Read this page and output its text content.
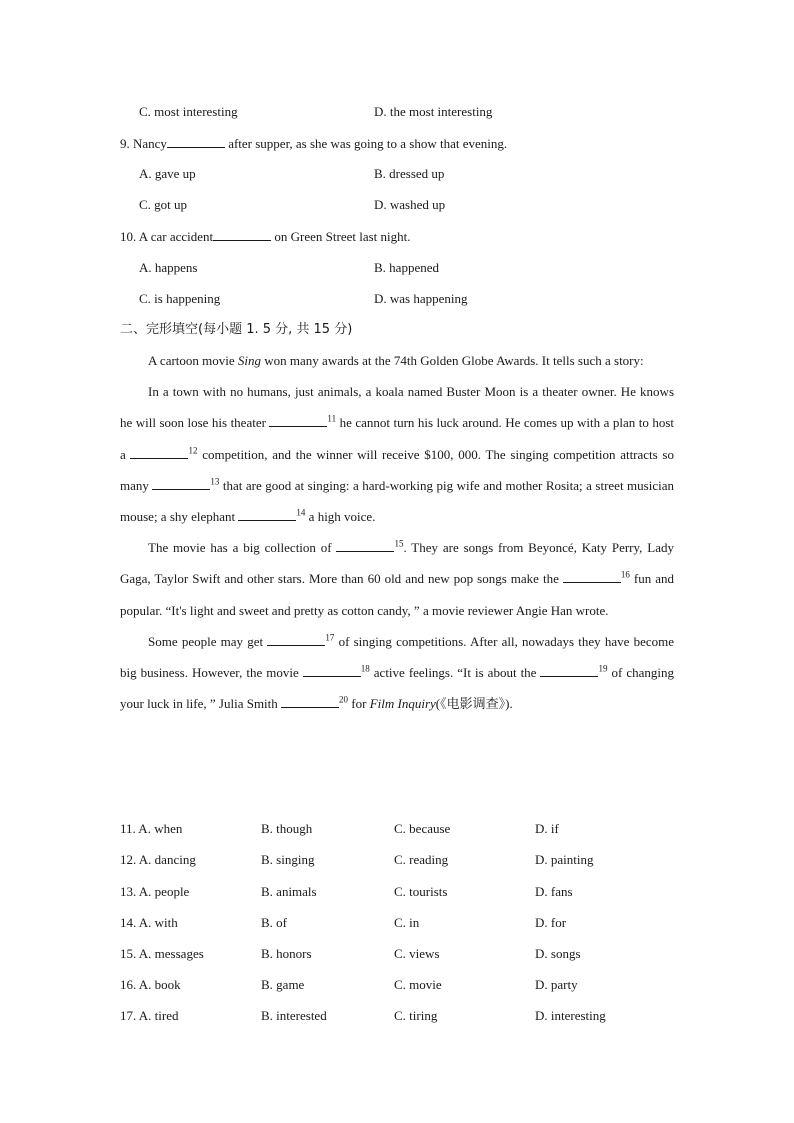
C. most interesting	D. the most interesting
9. Nancy	after supper, as she was going to a show that evening.
A. gave up	B. dressed up
C. got up	D. washed up
10. A car accident	on Green Street last night.
A. happens	B. happened
C. is happening	D. was happening
二、完形填空(每小题 1. 5 分, 共 15 分)

A cartoon movie Sing won many awards at the 74th Golden Globe Awards. It tells such a story:

In a town with no humans, just animals, a koala named Buster Moon is a theater owner. He knows he will soon lose his theater	$^{11}$ he cannot turn his luck around. He comes up with a plan to host a	$^{12}$ competition, and the winner will receive $100, 000. The singing competition attracts so many	$^{13}$ that are good at singing: a hard-working pig wife and mother Rosita; a street musician mouse; a shy elephant	$^{14}$ a high voice.

The movie has a big collection of	$^{15}$. They are songs from Beyoncé, Katy Perry, Lady Gaga, Taylor Swift and other stars. More than 60 old and new pop songs make the	$^{16}$ fun and popular. “It's light and sweet and pretty as cotton candy, ” a movie reviewer Angie Han wrote.

Some people may get	$^{17}$ of singing competitions. After all, nowadays they have become big business. However, the movie	$^{18}$ active feelings. “It is about the	$^{19}$ of changing your luck in life, ” Julia Smith	$^{20}$ for Film Inquiry(《电影调查》).

11. A. when	B. though	C. because	D. if
12. A. dancing	B. singing	C. reading	D. painting
13. A. people	B. animals	C. tourists	D. fans
14. A. with	B. of	C. in	D. for
15. A. messages	B. honors	C. views	D. songs
16. A. book	B. game	C. movie	D. party
17. A. tired	B. interested	C. tiring	D. interesting
